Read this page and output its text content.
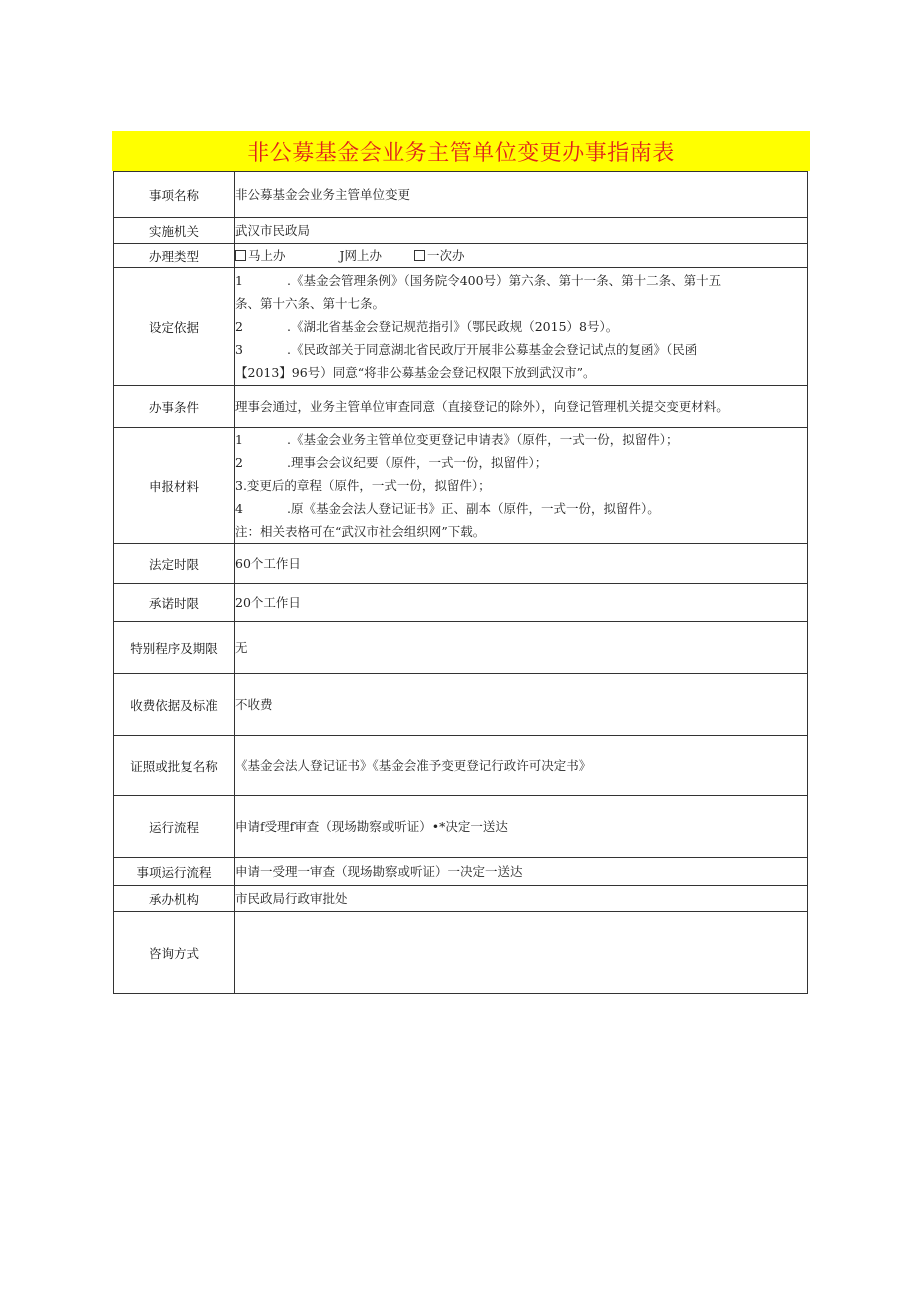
非公募基金会业务主管单位变更办事指南表
事项名称	非公募基金会业务主管单位变更
实施机关	武汉市民政局
办理类型	马上办 J网上办 一次办
设定依据	1 .《基金会管理条例》（国务院令400号）第六条、第十一条、第十二条、第十五
条、第十六条、第十七条。
2 .《湖北省基金会登记规范指引》（鄂民政规（2015）8号）。
3 .《民政部关于同意湖北省民政厅开展非公募基金会登记试点的复函》（民函
【2013】96号）同意“将非公募基金会登记权限下放到武汉市”。

办事条件	理事会通过，业务主管单位审查同意（直接登记的除外），向登记管理机关提交变更材料。
申报材料	1 .《基金会业务主管单位变更登记申请表》（原件，一式一份，拟留件）；
2 .理事会会议纪要（原件，一式一份，拟留件）；
3.变更后的章程（原件，一式一份，拟留件）；
4 .原《基金会法人登记证书》正、副本（原件，一式一份，拟留件）。
注：相关表格可在“武汉市社会组织网”下载。

法定时限	60个工作日
承诺时限	20个工作日
特别程序及期限	无
收费依据及标准	不收费
证照或批复名称	《基金会法人登记证书》《基金会准予变更登记行政许可决定书》
运行流程	申请f受理f审查（现场勘察或听证）•*决定一送达
事项运行流程	申请一受理一审查（现场勘察或听证）一决定一送达
承办机构	市民政局行政审批处
咨询方式	
